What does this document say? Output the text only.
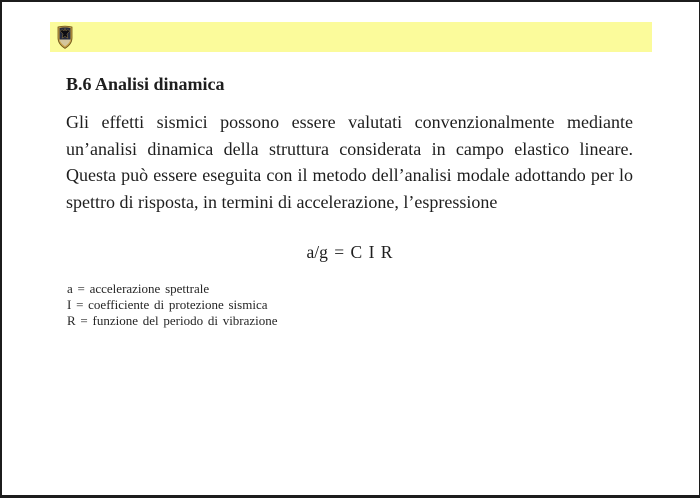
B.6 Analisi dinamica
Gli effetti sismici possono essere valutati convenzionalmente mediante un’analisi dinamica della struttura considerata in campo elastico lineare. Questa può essere eseguita con il metodo dell’analisi modale adottando per lo spettro di risposta, in termini di accelerazione, l’espressione
a/g = C I R
a = accelerazione spettrale
I = coefficiente di protezione sismica
R = funzione del periodo di vibrazione
